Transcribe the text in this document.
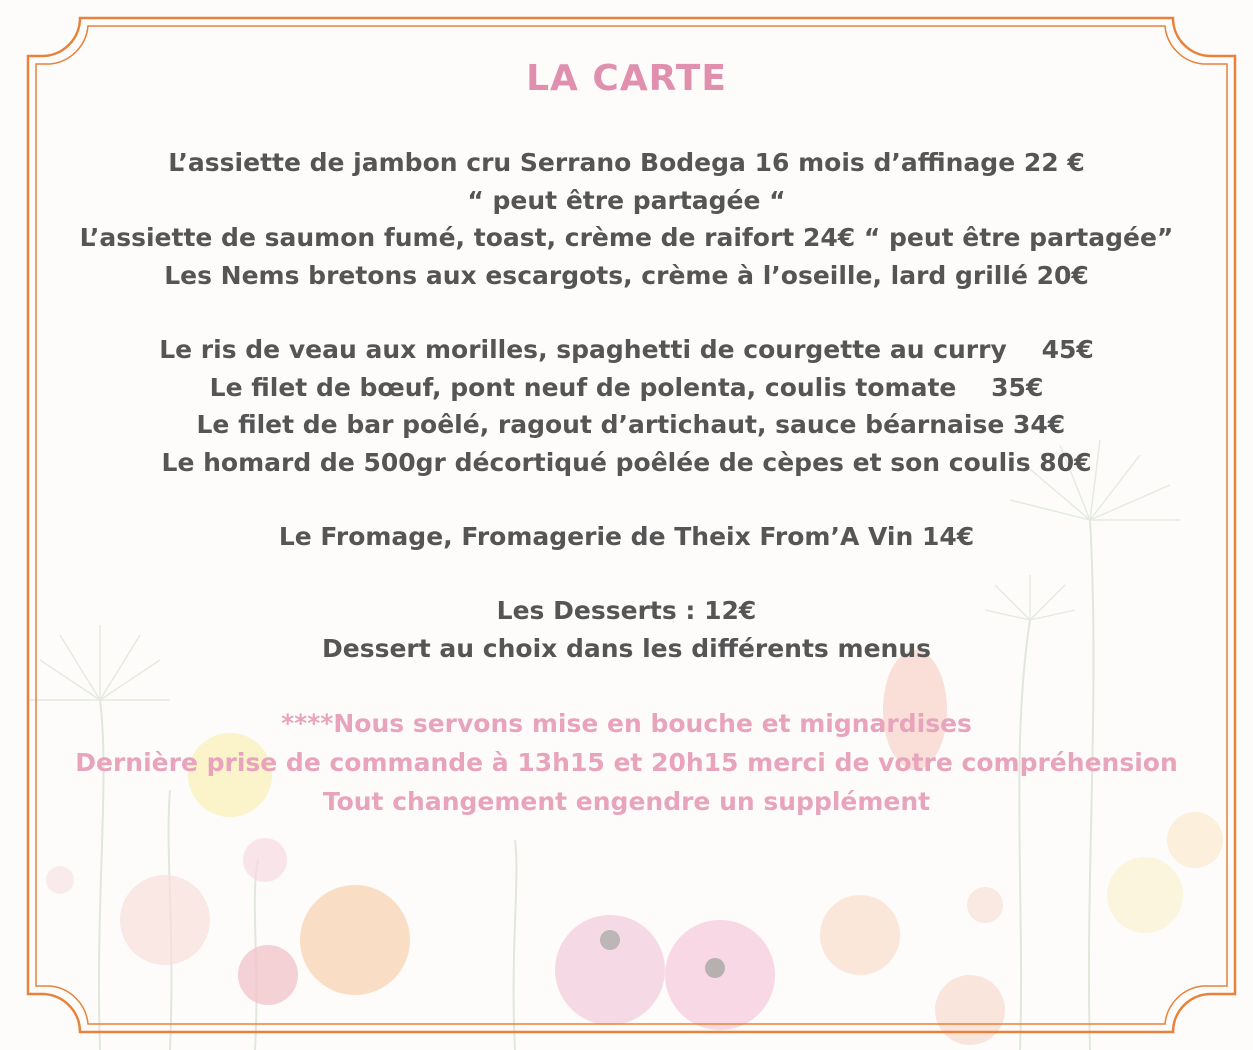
LA CARTE
L’assiette de jambon cru Serrano Bodega 16 mois d’affinage 22 €
“ peut être partagée “
L’assiette de saumon fumé, toast, crème de raifort 24€ “ peut être partagée”
Les Nems bretons aux escargots, crème à l’oseille, lard grillé 20€
Le ris de veau aux morilles, spaghetti de courgette au curry    45€
Le filet de bœuf, pont neuf de polenta, coulis tomate    35€
Le filet de bar poêlé, ragout d’artichaut, sauce béarnaise 34€
Le homard de 500gr décortiqué poêlée de cèpes et son coulis 80€
Le Fromage, Fromagerie de Theix From’A Vin 14€
Les Desserts : 12€
Dessert au choix dans les différents menus
****Nous servons mise en bouche et mignardises
Dernière prise de commande à 13h15 et 20h15 merci de votre compréhension
Tout changement engendre un supplément
